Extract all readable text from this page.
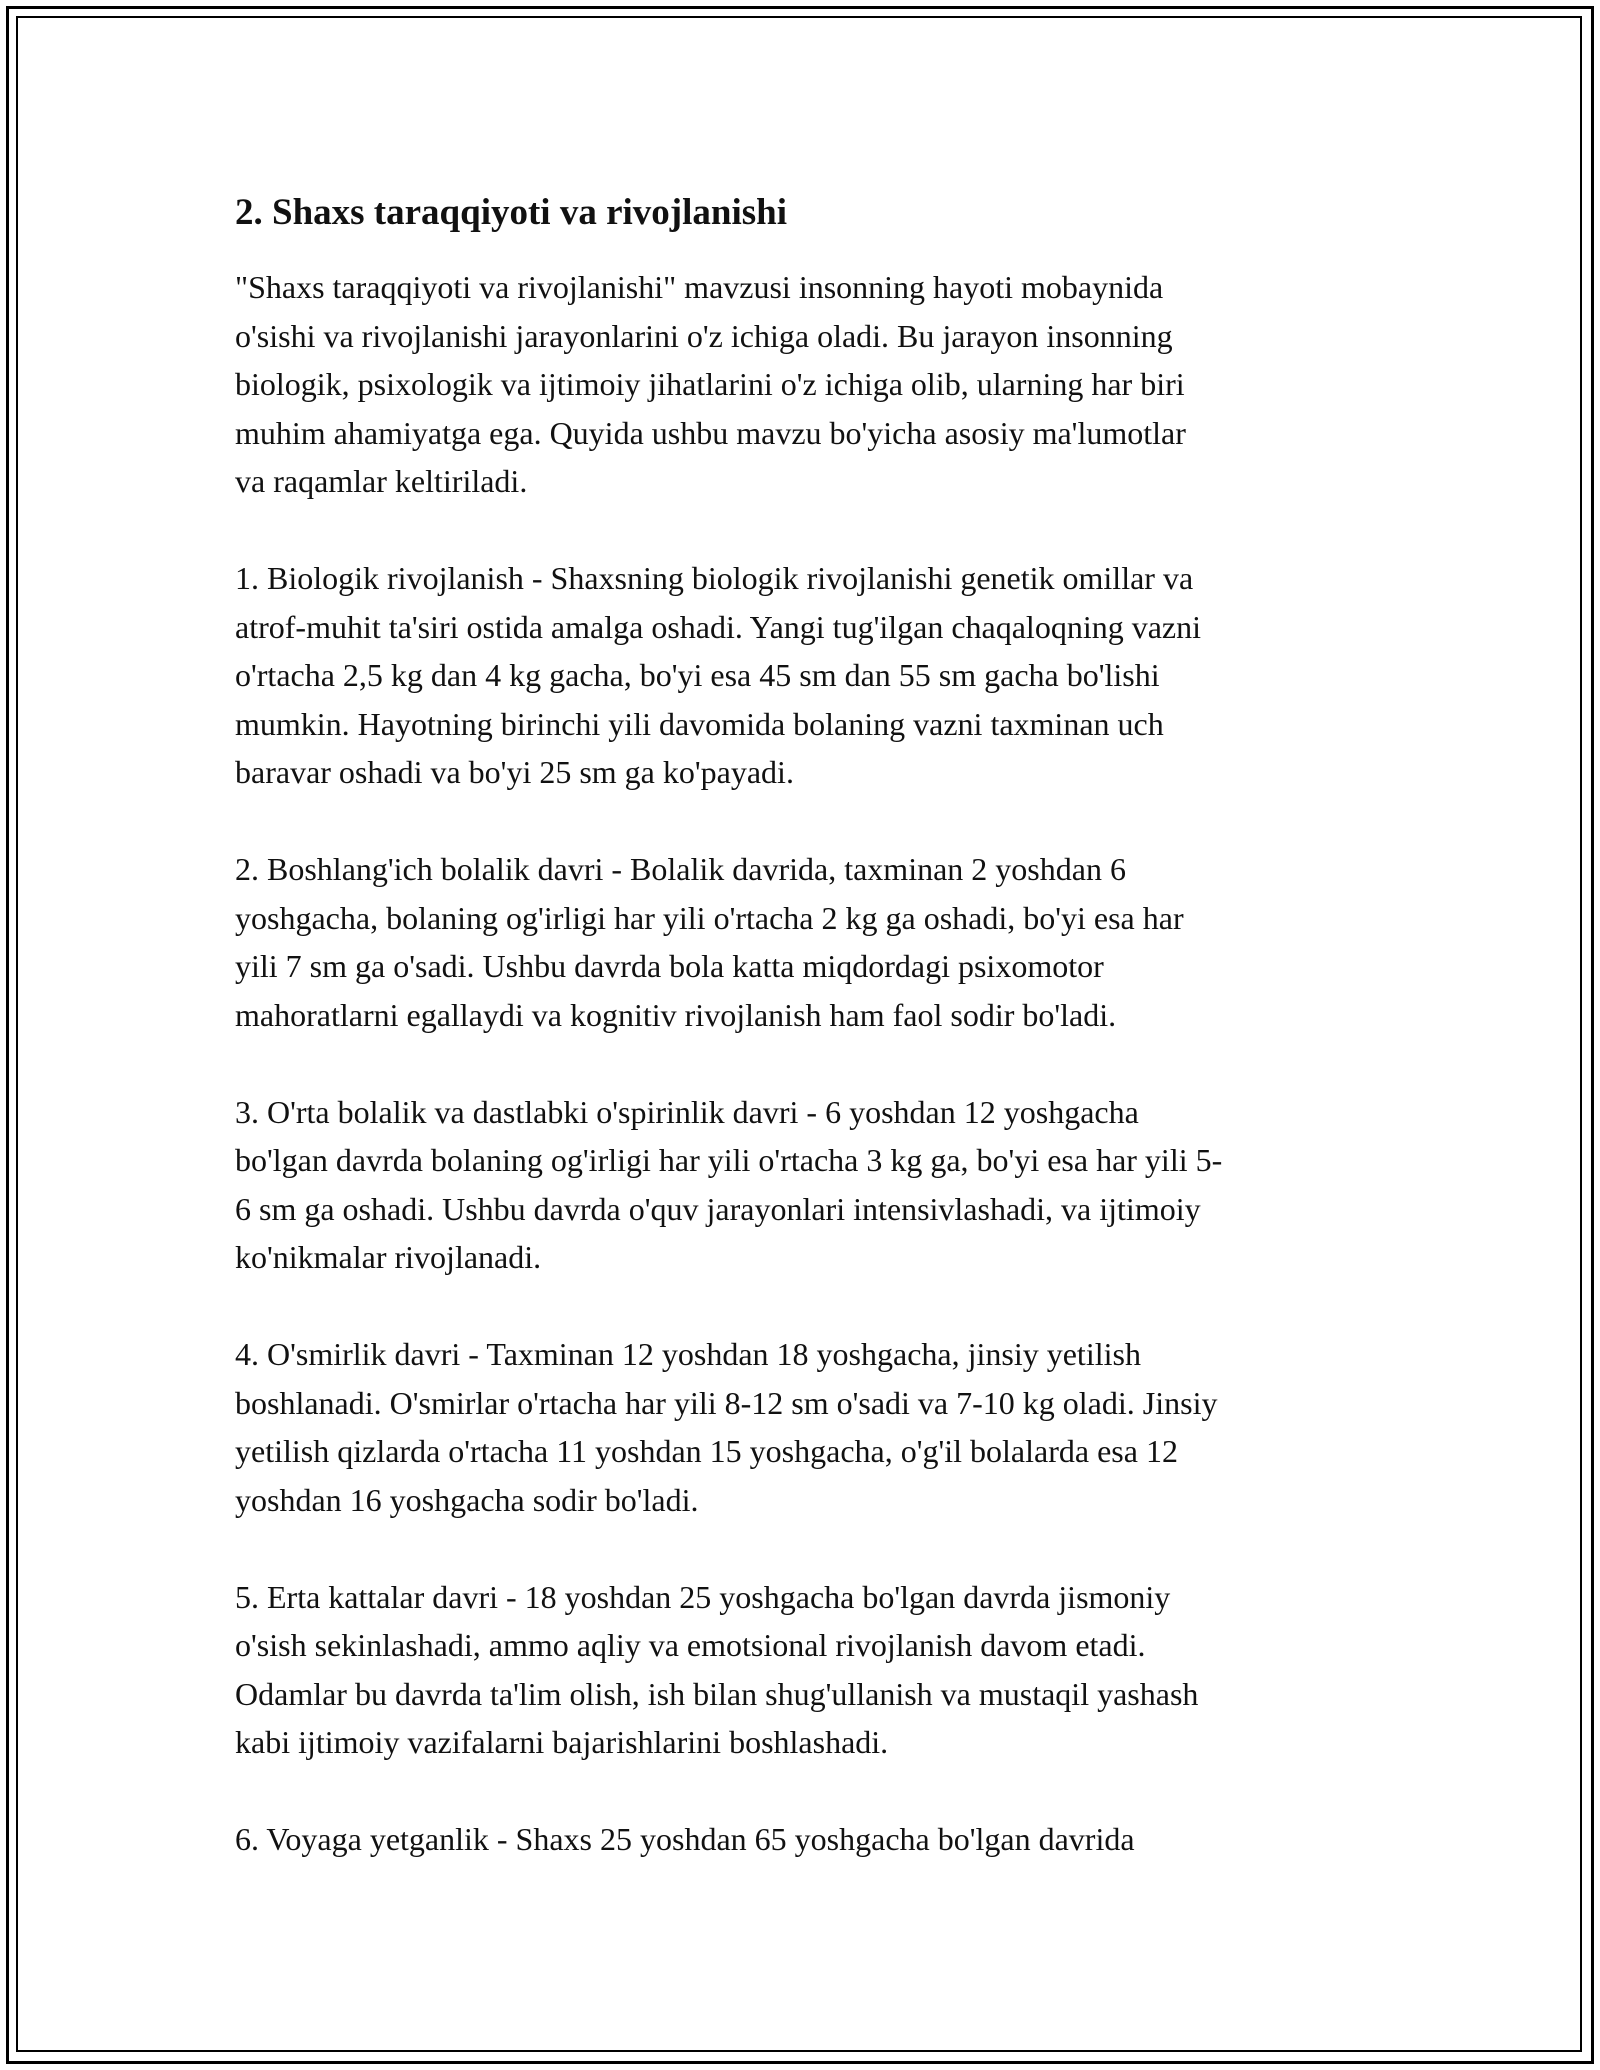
2. Shaxs taraqqiyoti va rivojlanishi

"Shaxs taraqqiyoti va rivojlanishi" mavzusi insonning hayoti mobaynida
o'sishi va rivojlanishi jarayonlarini o'z ichiga oladi. Bu jarayon insonning
biologik, psixologik va ijtimoiy jihatlarini o'z ichiga olib, ularning har biri
muhim ahamiyatga ega. Quyida ushbu mavzu bo'yicha asosiy ma'lumotlar
va raqamlar keltiriladi.

1. Biologik rivojlanish - Shaxsning biologik rivojlanishi genetik omillar va
atrof-muhit ta'siri ostida amalga oshadi. Yangi tug'ilgan chaqaloqning vazni
o'rtacha 2,5 kg dan 4 kg gacha, bo'yi esa 45 sm dan 55 sm gacha bo'lishi
mumkin. Hayotning birinchi yili davomida bolaning vazni taxminan uch
baravar oshadi va bo'yi 25 sm ga ko'payadi.

2. Boshlang'ich bolalik davri - Bolalik davrida, taxminan 2 yoshdan 6
yoshgacha, bolaning og'irligi har yili o'rtacha 2 kg ga oshadi, bo'yi esa har
yili 7 sm ga o'sadi. Ushbu davrda bola katta miqdordagi psixomotor
mahoratlarni egallaydi va kognitiv rivojlanish ham faol sodir bo'ladi.

3. O'rta bolalik va dastlabki o'spirinlik davri - 6 yoshdan 12 yoshgacha
bo'lgan davrda bolaning og'irligi har yili o'rtacha 3 kg ga, bo'yi esa har yili 5-
6 sm ga oshadi. Ushbu davrda o'quv jarayonlari intensivlashadi, va ijtimoiy
ko'nikmalar rivojlanadi.

4. O'smirlik davri - Taxminan 12 yoshdan 18 yoshgacha, jinsiy yetilish
boshlanadi. O'smirlar o'rtacha har yili 8-12 sm o'sadi va 7-10 kg oladi. Jinsiy
yetilish qizlarda o'rtacha 11 yoshdan 15 yoshgacha, o'g'il bolalarda esa 12
yoshdan 16 yoshgacha sodir bo'ladi.

5. Erta kattalar davri - 18 yoshdan 25 yoshgacha bo'lgan davrda jismoniy
o'sish sekinlashadi, ammo aqliy va emotsional rivojlanish davom etadi.
Odamlar bu davrda ta'lim olish, ish bilan shug'ullanish va mustaqil yashash
kabi ijtimoiy vazifalarni bajarishlarini boshlashadi.

6. Voyaga yetganlik - Shaxs 25 yoshdan 65 yoshgacha bo'lgan davrida
